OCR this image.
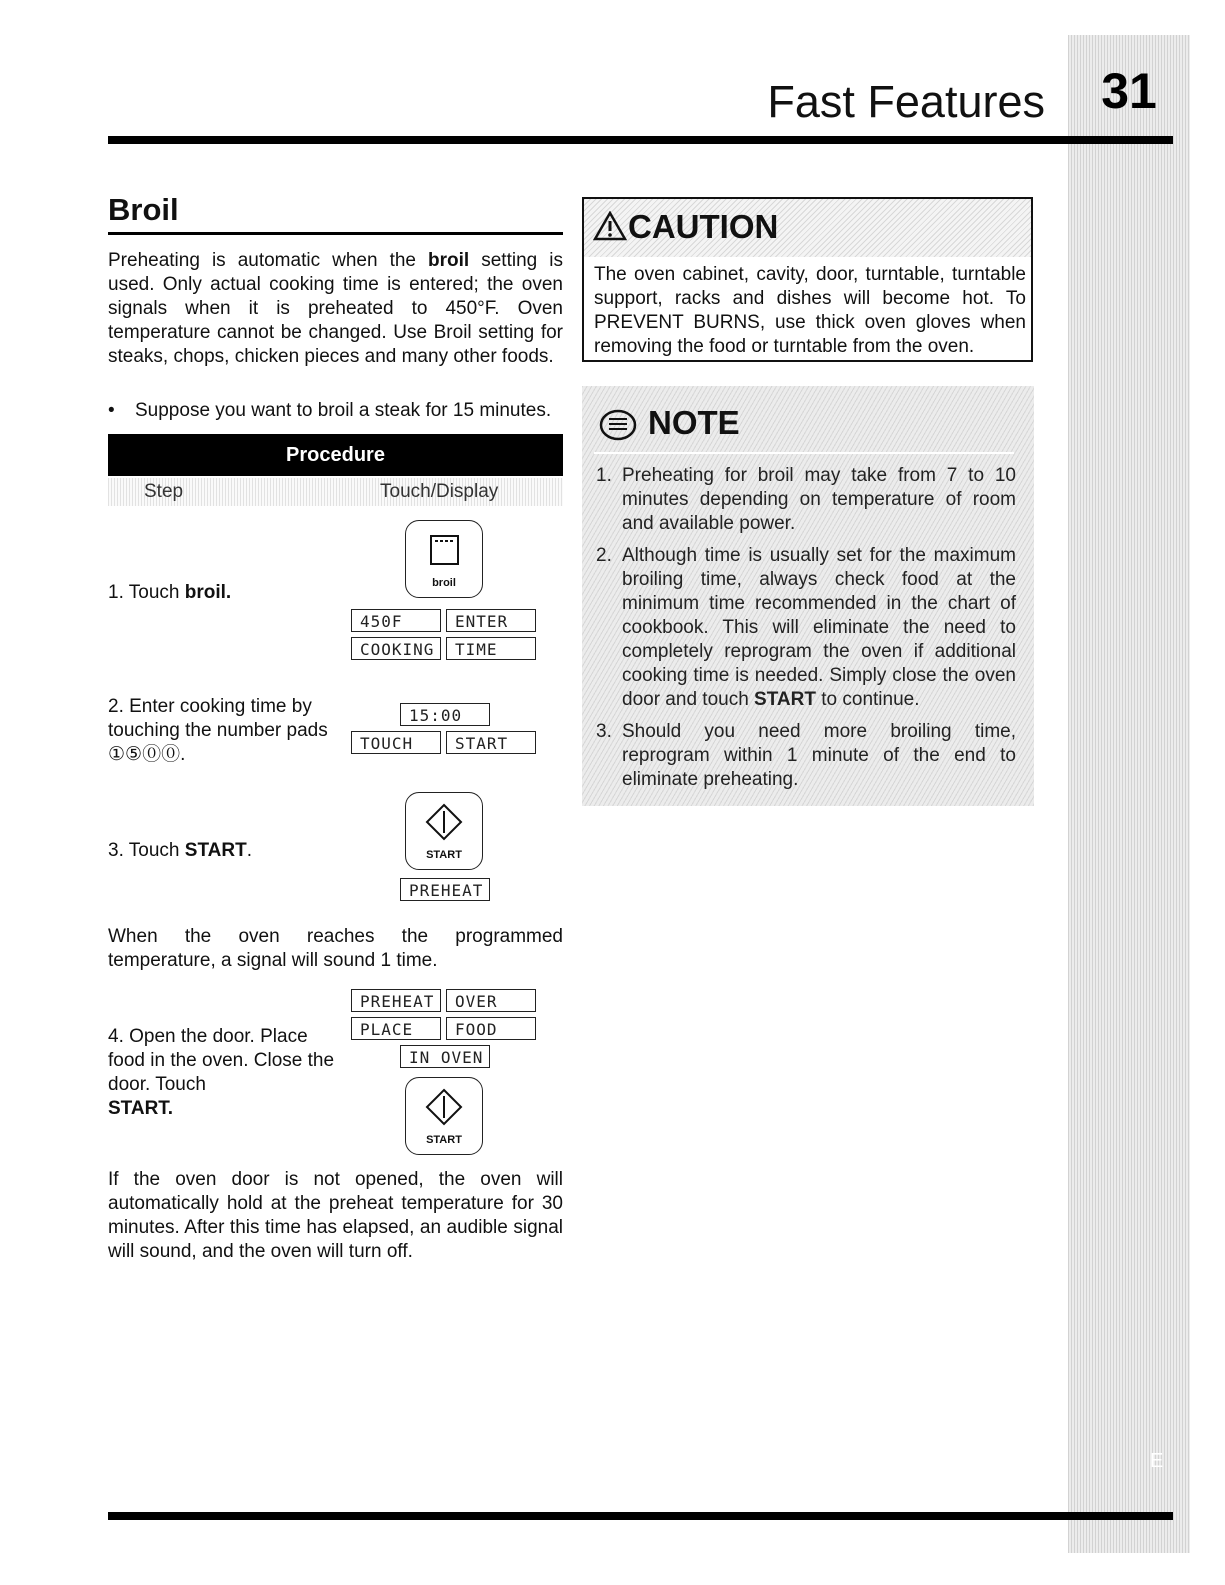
31
E
Fast Features
Broil
Preheating is automatic when the broil setting is used. Only actual cooking time is entered; the oven signals when it is preheated to 450°F. Oven temperature cannot be changed. Use Broil setting for steaks, chops, chicken pieces and many other foods.
• Suppose you want to broil a steak for 15 minutes.
Procedure
Step	Touch/Display
broil
1. Touch broil.
450F	ENTER
COOKING	TIME
2. Enter cooking time by touching the number pads ①⑤⓪⓪.
15:00
TOUCH	START
START
3. Touch START.
PREHEAT
When the oven reaches the programmed temperature, a signal will sound 1 time.
PREHEAT	OVER
PLACE	FOOD
IN OVEN
4. Open the door. Place food in the oven. Close the door. Touch
START.
START
If the oven door is not opened, the oven will automatically hold at the preheat temperature for 30 minutes. After this time has elapsed, an audible signal will sound, and the oven will turn off.
CAUTION
The oven cabinet, cavity, door, turntable, turntable support, racks and dishes will become hot. To PREVENT BURNS, use thick oven gloves when removing the food or turntable from the oven.
NOTE
1. Preheating for broil may take from 7 to 10 minutes depending on temperature of room and available power.
2. Although time is usually set for the maximum broiling time, always check food at the minimum time recommended in the chart of cookbook. This will eliminate the need to completely reprogram the oven if additional cooking time is needed. Simply close the oven door and touch START to continue.
3. Should you need more broiling time, reprogram within 1 minute of the end to eliminate preheating.
